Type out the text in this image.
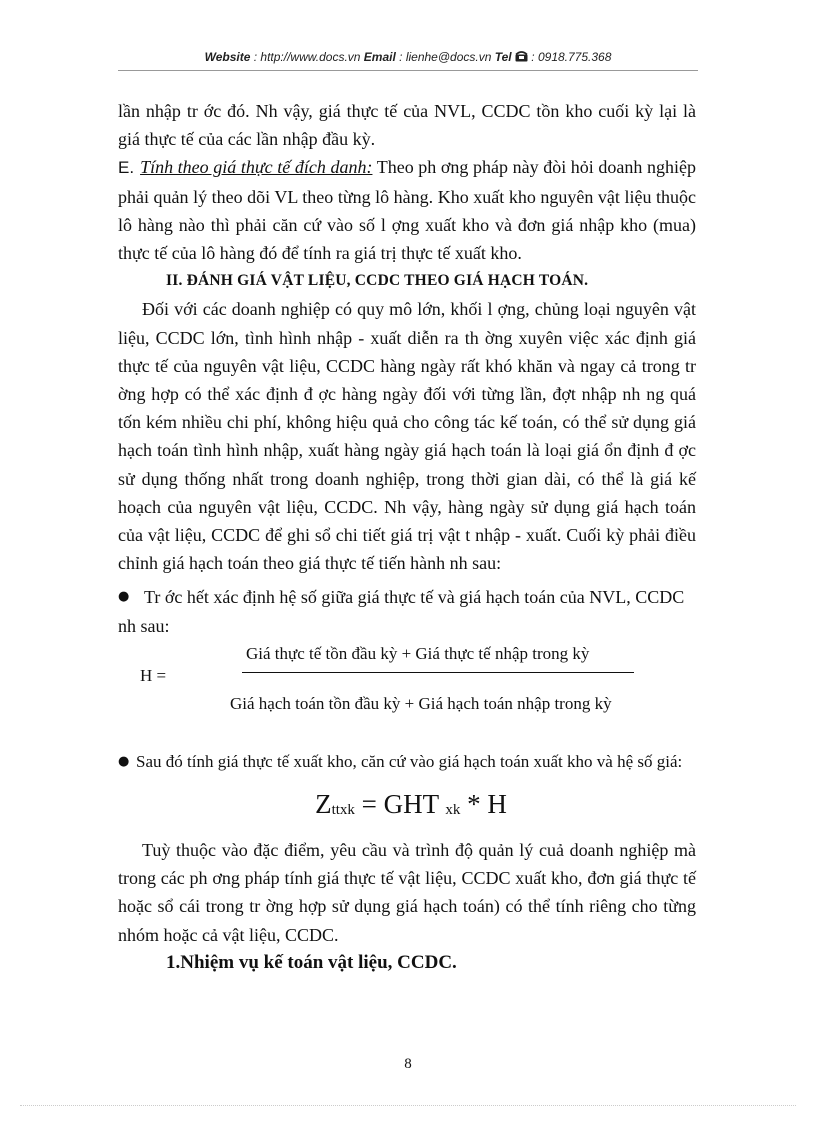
Website : http://www.docs.vn Email : lienhe@docs.vn Tel  : 0918.775.368

lần nhập tr ớc đó. Nh vậy, giá thực tế của NVL, CCDC tồn kho cuối kỳ lại là giá thực tế của các lần nhập đầu kỳ.

E. Tính theo giá thực tế đích danh: Theo ph ơng pháp này đòi hỏi doanh nghiệp phải quản lý theo dõi VL theo từng lô hàng. Kho xuất kho nguyên vật liệu thuộc lô hàng nào thì phải căn cứ vào số l ợng xuất kho và đơn giá nhập kho (mua) thực tế của lô hàng đó để tính ra giá trị thực tế xuất kho.

II. ĐÁNH GIÁ VẬT LIỆU, CCDC THEO GIÁ HẠCH TOÁN.

Đối với các doanh nghiệp có quy mô lớn, khối l ợng, chủng loại nguyên vật liệu, CCDC lớn, tình hình nhập - xuất diễn ra th ờng xuyên việc xác định giá thực tế của nguyên vật liệu, CCDC hàng ngày rất khó khăn và ngay cả trong tr ờng hợp có thể xác định đ ợc hàng ngày đối với từng lần, đợt nhập nh ng quá tốn kém nhiều chi phí, không hiệu quả cho công tác kế toán, có thể sử dụng giá hạch toán tình hình nhập, xuất hàng ngày giá hạch toán là loại giá ổn định đ ợc sử dụng thống nhất trong doanh nghiệp, trong thời gian dài, có thể là giá kế hoạch của nguyên vật liệu, CCDC. Nh vậy, hàng ngày sử dụng giá hạch toán của vật liệu, CCDC để ghi sổ chi tiết giá trị vật t nhập - xuất. Cuối kỳ phải điều chỉnh giá hạch toán theo giá thực tế tiến hành nh sau:

● Tr ớc hết xác định hệ số giữa giá thực tế và giá hạch toán của NVL, CCDC

nh sau:

Giá thực tế tồn đầu kỳ + Giá thực tế nhập trong kỳ
H =
Giá hạch toán tồn đầu kỳ + Giá hạch toán nhập trong kỳ
● Sau đó tính giá thực tế xuất kho, căn cứ vào giá hạch toán xuất kho và hệ số giá:
$Z_{ttxk}$ = GHT $_{xk}$ * H

Tuỳ thuộc vào đặc điểm, yêu cầu và trình độ quản lý cuả doanh nghiệp mà trong các ph ơng pháp tính giá thực tế vật liệu, CCDC xuất kho, đơn giá thực tế hoặc sổ cái trong tr ờng hợp sử dụng giá hạch toán) có thể tính riêng cho từng nhóm hoặc cả vật liệu, CCDC.

1.Nhiệm vụ kế toán vật liệu, CCDC.

8
